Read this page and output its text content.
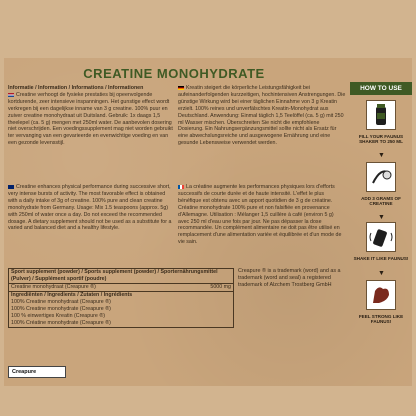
CREATINE MONOHYDRATE
Informatie / Information / Informations / Informationen
Creatine verhoogt de fysieke prestaties bij opeenvolgende kortdurende, zeer intensieve inspanningen. Het gunstige effect wordt verkregen bij een dagelijkse inname van 3 g creatine. 100% puur en zuiver creatine monohydraat uit Duitsland. Gebruik: 1x daags 1,5 theelepel (ca. 5 g) mengen met 250ml water. De aanbevolen dosering niet overschrijden. Een voedingssupplement mag niet worden gebruikt ter vervanging van een gevarieerde en evenwichtige voeding en van een gezonde levensstijl.
Kreatin steigert die körperliche Leistungsfähigkeit bei aufeinanderfolgenden kurzzeitigen, hochintensiven Anstrengungen. Die günstige Wirkung wird bei einer täglichen Einnahme von 3 g Kreatin erzielt. 100% reines und unverfälschtes Kreatin-Monohydrat aus Deutschland. Anwendung: Einmal täglich 1,5 Teelöffel (ca. 5 g) mit 250 ml Wasser mischen. Überschreiten Sie nicht die empfohlene Dosierung. Ein Nahrungsergänzungsmittel sollte nicht als Ersatz für eine abwechslungsreiche und ausgewogene Ernährung und eine gesunde Lebensweise verwendet werden.
Creatine enhances physical performance during successive short, very intense bursts of activity. The most favorable effect is obtained with a daily intake of 3g of creatine. 100% pure and clean creatine monohydrate from Germany. Usage: Mix 1.5 teaspoons (approx. 5g) with 250ml of water once a day. Do not exceed the recommended dosage. A dietary supplement should not be used as a substitute for a varied and balanced diet and a healthy lifestyle.
La créatine augmente les performances physiques lors d'efforts successifs de courte durée et de haute intensité. L'effet le plus bénéfique est obtenu avec un apport quotidien de 3 g de créatine. Créatine monohydrate 100% pure et non falsifiée en provenance d'Allemagne. Utilisation : Mélanger 1,5 cuillère à café (environ 5 g) avec 250 ml d'eau une fois par jour. Ne pas dépasser la dose recommandée. Un complément alimentaire ne doit pas être utilisé en remplacement d'une alimentation variée et équilibrée et d'un mode de vie sain.
Sport supplement (powder) / Sports supplement (powder) / Sporternährungsmittel (Pulver) / Supplément sportif (poudre)
Creatine monohydraat (Creapure ®)	5000 mg
Ingrediënten / Ingredients / Zutaten / Ingrédients
100% Creatine monohydraat (Creapure ®)
100% Creatine monohydrate (Creapure ®)
100 % einwertiges Kreatin (Creapure ®)
100% Créatine monohydrate (Creapure ®)
Creapure ® is a trademark (word) and as a trademark (word and seal) a registered trademark of Alzchem Trostberg GmbH
Creapure
HOW TO USE
FILL YOUR FAUNUS SHAKER TO 250 ML
▼
ADD 3 GRAMS OF CREATINE
▼
SHAKE IT LIKE FAUNUS!
▼
FEEL STRONG LIKE FAUNUS!
